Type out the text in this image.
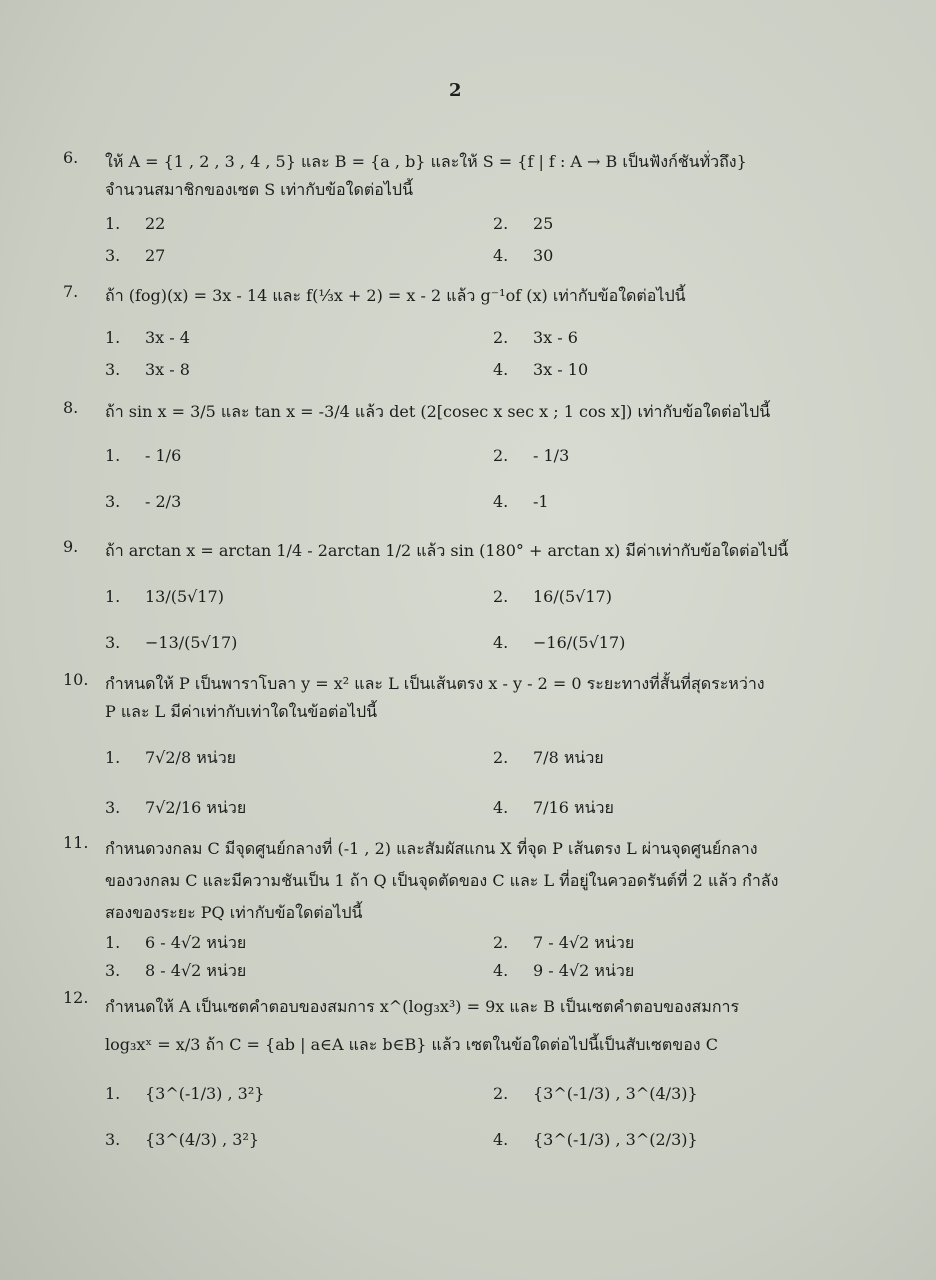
2
6. ให้ A = {1 , 2 , 3 , 4 , 5} และ B = {a , b} และให้ S = {f | f : A → B เป็นฟังก์ชันทั่วถึง}
จำนวนสมาชิกของเซต S เท่ากับข้อใดต่อไปนี้
1. 22	2. 25
3. 27	4. 30
7. ถ้า (fog)(x) = 3x - 14 และ f(⅓x + 2) = x - 2 แล้ว g⁻¹of (x) เท่ากับข้อใดต่อไปนี้
1. 3x - 4	2. 3x - 6
3. 3x - 8	4. 3x - 10
8. ถ้า sin x = 3/5 และ tan x = -3/4 แล้ว det (2[cosec x sec x ; 1 cos x]) เท่ากับข้อใดต่อไปนี้
1. - 1/6	2. - 1/3
3. - 2/3	4. -1
9. ถ้า arctan x = arctan 1/4 - 2arctan 1/2 แล้ว sin (180° + arctan x) มีค่าเท่ากับข้อใดต่อไปนี้
1. 13/(5√17)	2. 16/(5√17)
3. −13/(5√17)	4. −16/(5√17)
10. กำหนดให้ P เป็นพาราโบลา y = x² และ L เป็นเส้นตรง x - y - 2 = 0 ระยะทางที่สั้นที่สุดระหว่าง
P และ L มีค่าเท่ากับเท่าใดในข้อต่อไปนี้
1. 7√2/8 หน่วย	2. 7/8 หน่วย
3. 7√2/16 หน่วย	4. 7/16 หน่วย
11. กำหนดวงกลม C มีจุดศูนย์กลางที่ (-1 , 2) และสัมผัสแกน X ที่จุด P เส้นตรง L ผ่านจุดศูนย์กลาง
ของวงกลม C และมีความชันเป็น 1 ถ้า Q เป็นจุดตัดของ C และ L ที่อยู่ในควอดรันต์ที่ 2 แล้ว กำลัง
สองของระยะ PQ เท่ากับข้อใดต่อไปนี้
1. 6 - 4√2 หน่วย	2. 7 - 4√2 หน่วย
3. 8 - 4√2 หน่วย	4. 9 - 4√2 หน่วย
12. กำหนดให้ A เป็นเซตคำตอบของสมการ x^(log₃x³) = 9x และ B เป็นเซตคำตอบของสมการ
log₃xˣ = x/3 ถ้า C = {ab | a∈A และ b∈B} แล้ว เซตในข้อใดต่อไปนี้เป็นสับเซตของ C
1. {3^(-1/3) , 3²}	2. {3^(-1/3) , 3^(4/3)}
3. {3^(4/3) , 3²}	4. {3^(-1/3) , 3^(2/3)}
